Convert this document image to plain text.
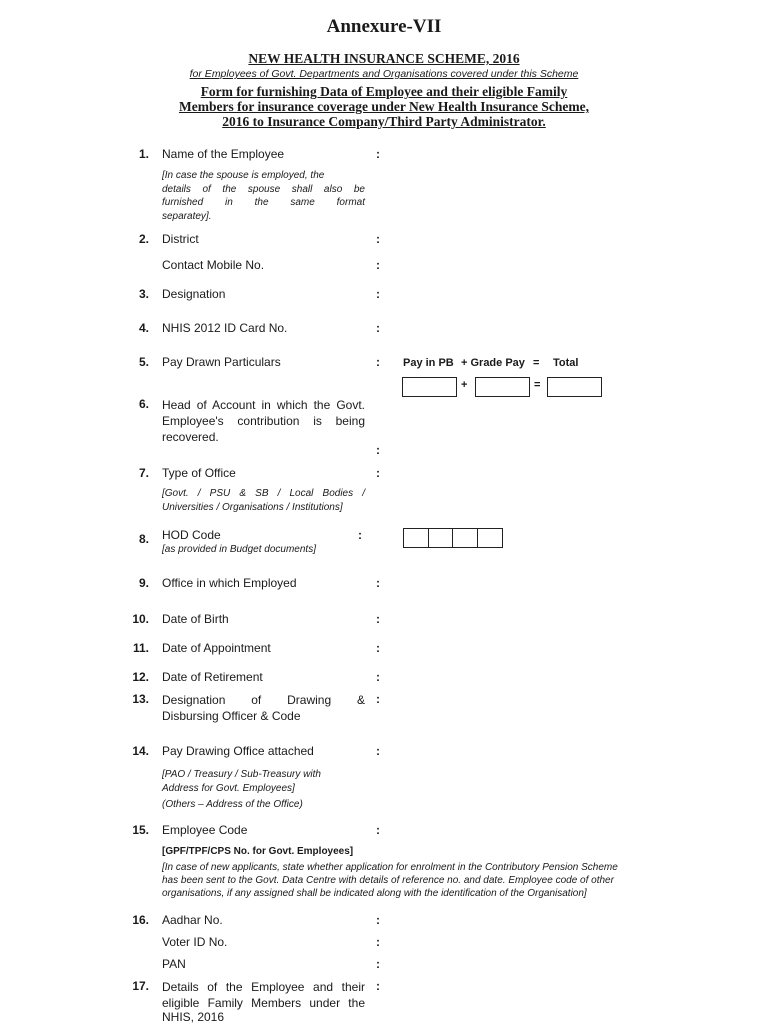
Annexure-VII
NEW HEALTH INSURANCE SCHEME, 2016
for Employees of Govt. Departments and Organisations covered under this Scheme
Form for furnishing Data of Employee and their eligible Family
Members for insurance coverage under New Health Insurance Scheme,
2016 to Insurance Company/Third Party Administrator.
1. Name of the Employee	:
[In case the spouse is employed, the
details of the spouse shall also be
furnished in the same format
separatey].
2. District	:
Contact Mobile No.	:
3. Designation	:
4. NHIS 2012 ID Card No.	:
5. Pay Drawn Particulars	: Pay in PB + Grade Pay = Total
+	=
6. Head of Account in which the Govt.
Employee's contribution is being
recovered.
:
7. Type of Office	:
[Govt. / PSU & SB / Local Bodies /
Universities / Organisations / Institutions]
8. HOD Code	:
[as provided in Budget documents]
9. Office in which Employed	:
10. Date of Birth	:
11. Date of Appointment	:
12. Date of Retirement	:
13. Designation of Drawing &
Disbursing Officer & Code
:
14. Pay Drawing Office attached	:
[PAO / Treasury / Sub-Treasury with
Address for Govt. Employees]
(Others – Address of the Office)
15. Employee Code	:
[GPF/TPF/CPS No. for Govt. Employees]
[In case of new applicants, state whether application for enrolment in the Contributory Pension Scheme
has been sent to the Govt. Data Centre with details of reference no. and date. Employee code of other
organisations, if any assigned shall be indicated along with the identification of the Organisation]
16. Aadhar No.	:
Voter ID No.	:
PAN	:
17. Details of the Employee and their
eligible Family Members under the
NHIS, 2016
:
